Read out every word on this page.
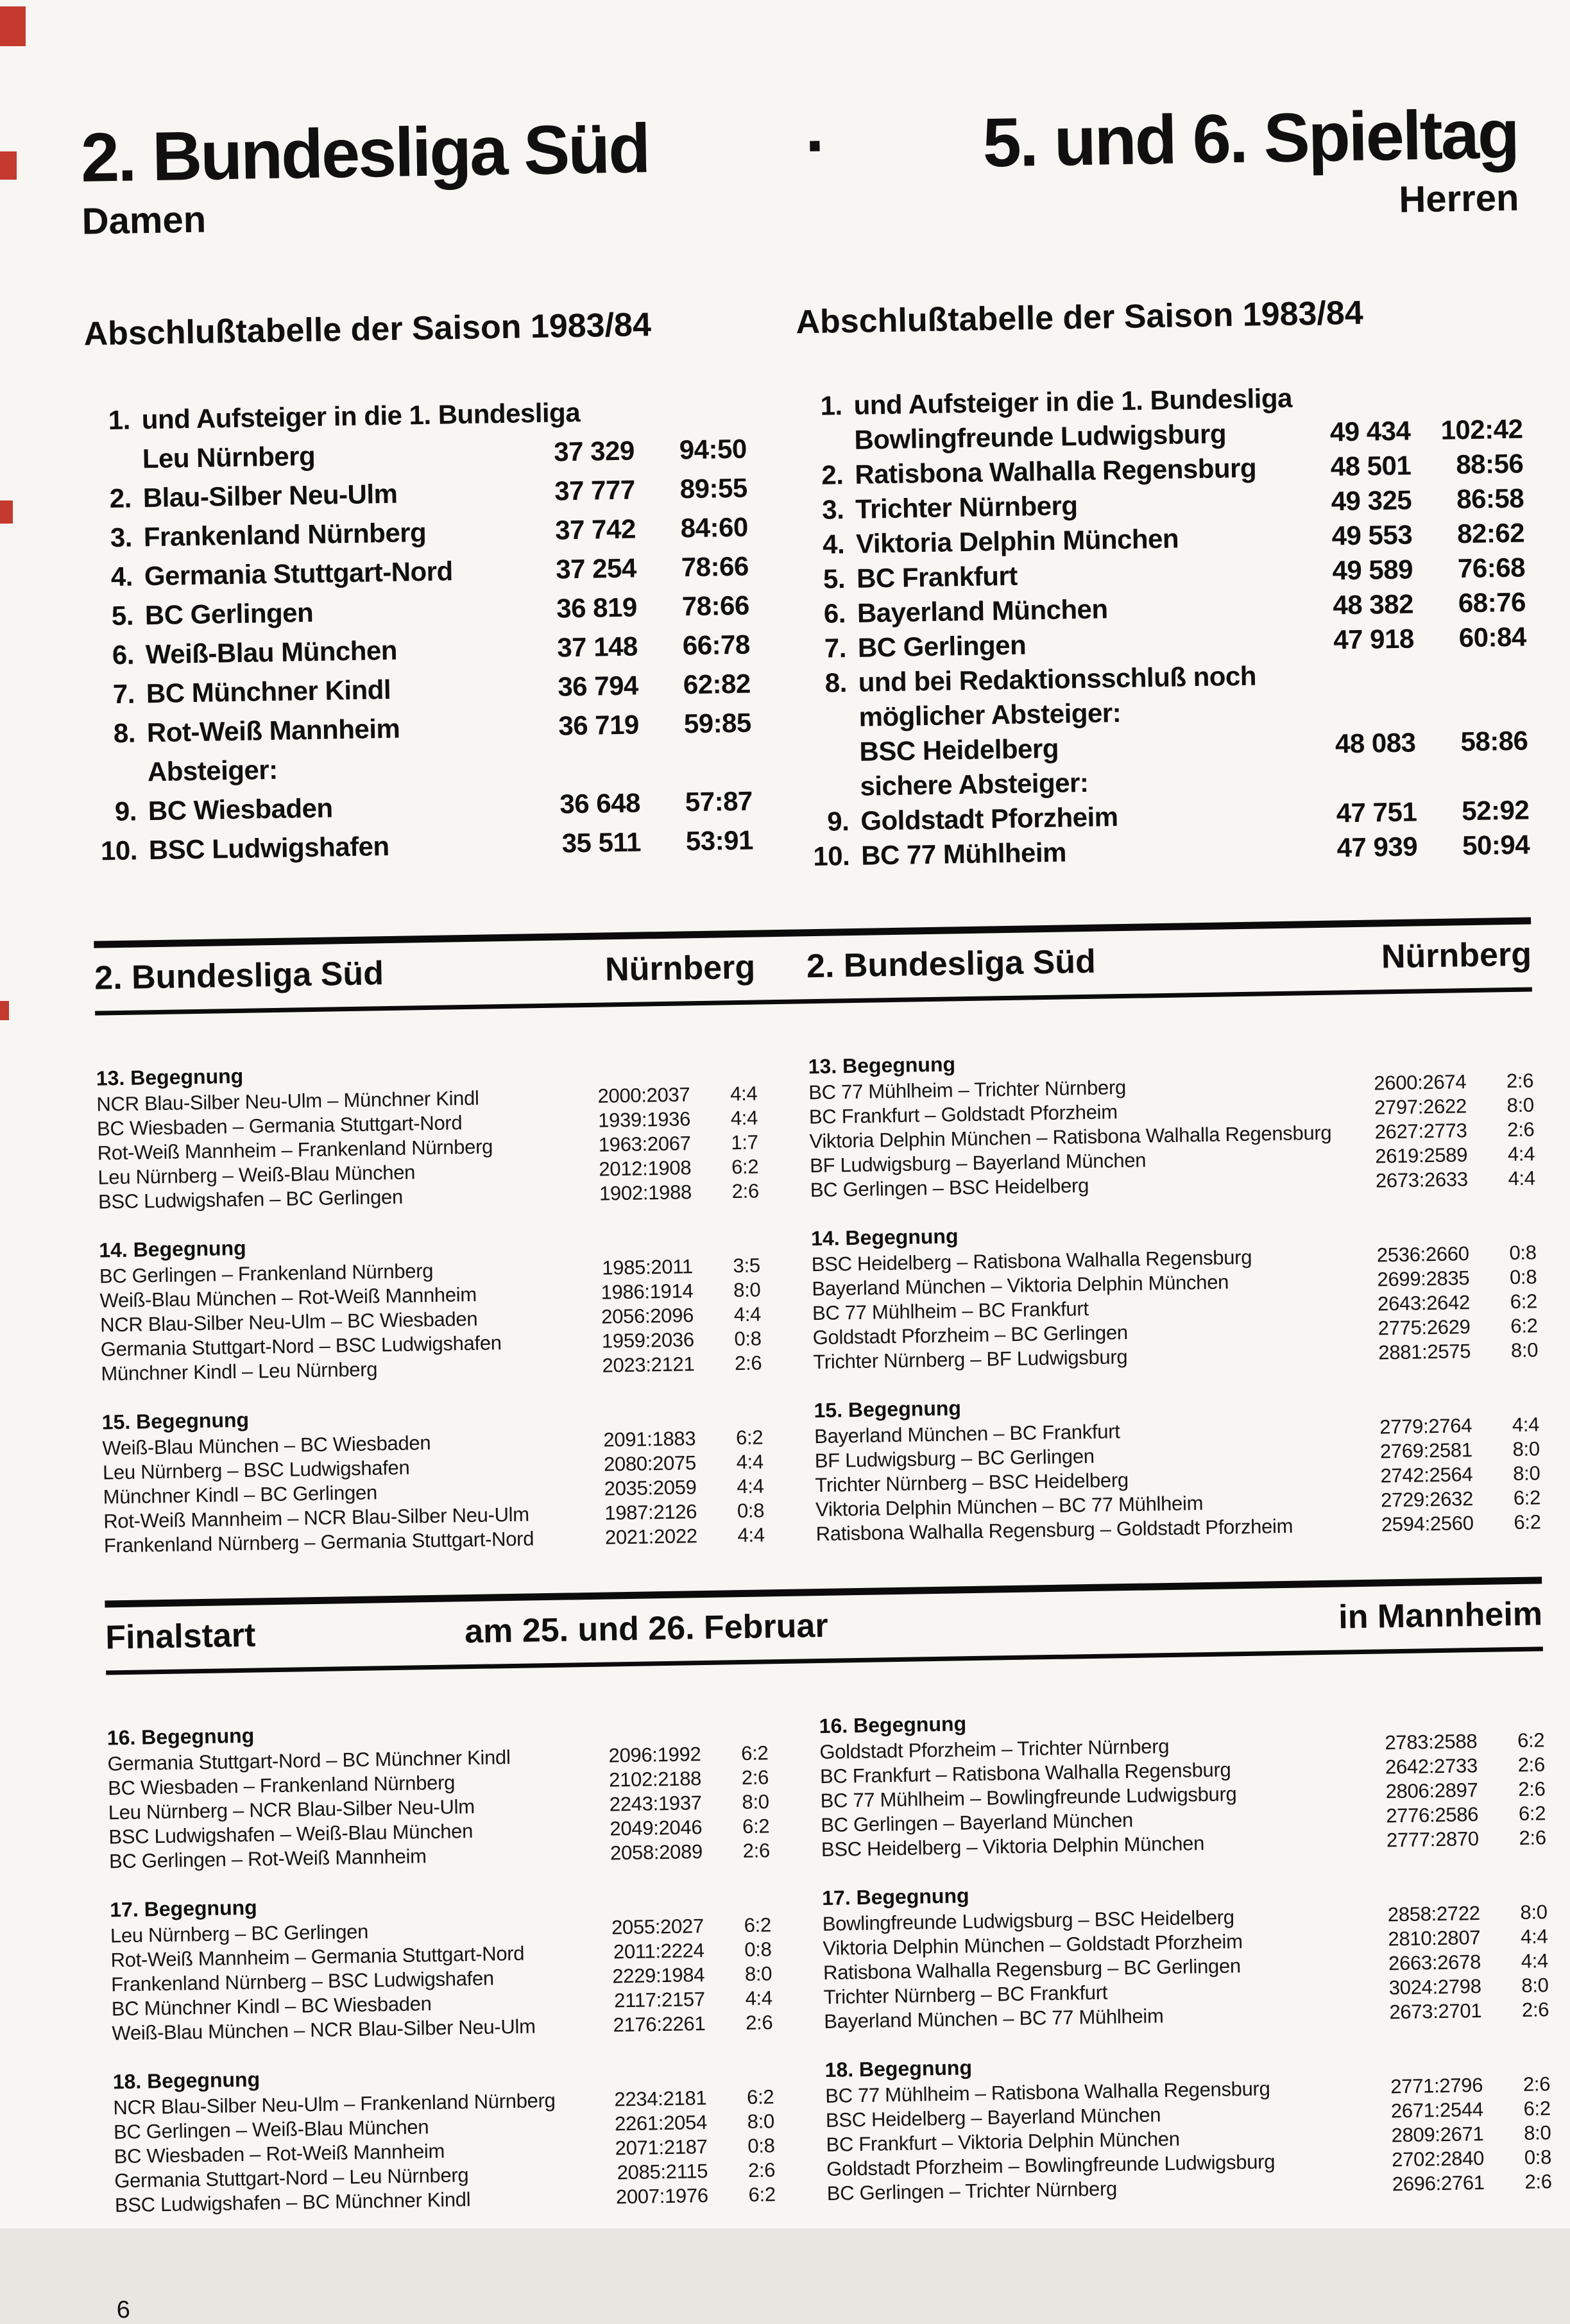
2. Bundesliga Süd · 5. und 6. Spieltag
Damen	Herren
Abschlußtabelle der Saison 1983/84
1. und Aufsteiger in die 1. Bundesliga
Leu Nürnberg	37 329	94:50
2. Blau-Silber Neu-Ulm	37 777	89:55
3. Frankenland Nürnberg	37 742	84:60
4. Germania Stuttgart-Nord	37 254	78:66
5. BC Gerlingen	36 819	78:66
6. Weiß-Blau München	37 148	66:78
7. BC Münchner Kindl	36 794	62:82
8. Rot-Weiß Mannheim	36 719	59:85
Absteiger:
9. BC Wiesbaden	36 648	57:87
10. BSC Ludwigshafen	35 511	53:91
Abschlußtabelle der Saison 1983/84
1. und Aufsteiger in die 1. Bundesliga
Bowlingfreunde Ludwigsburg	49 434	102:42
2. Ratisbona Walhalla Regensburg	48 501	88:56
3. Trichter Nürnberg	49 325	86:58
4. Viktoria Delphin München	49 553	82:62
5. BC Frankfurt	49 589	76:68
6. Bayerland München	48 382	68:76
7. BC Gerlingen	47 918	60:84
8. und bei Redaktionsschluß noch
möglicher Absteiger:
BSC Heidelberg	48 083	58:86
sichere Absteiger:
9. Goldstadt Pforzheim	47 751	52:92
10. BC 77 Mühlheim	47 939	50:94
2. Bundesliga Süd	Nürnberg 2. Bundesliga Süd	Nürnberg
13. Begegnung
NCR Blau-Silber Neu-Ulm – Münchner Kindl	2000:2037	4:4
BC Wiesbaden – Germania Stuttgart-Nord	1939:1936	4:4
Rot-Weiß Mannheim – Frankenland Nürnberg	1963:2067	1:7
Leu Nürnberg – Weiß-Blau München	2012:1908	6:2
BSC Ludwigshafen – BC Gerlingen	1902:1988	2:6
14. Begegnung
BC Gerlingen – Frankenland Nürnberg	1985:2011	3:5
Weiß-Blau München – Rot-Weiß Mannheim	1986:1914	8:0
NCR Blau-Silber Neu-Ulm – BC Wiesbaden	2056:2096	4:4
Germania Stuttgart-Nord – BSC Ludwigshafen	1959:2036	0:8
Münchner Kindl – Leu Nürnberg	2023:2121	2:6
15. Begegnung
Weiß-Blau München – BC Wiesbaden	2091:1883	6:2
Leu Nürnberg – BSC Ludwigshafen	2080:2075	4:4
Münchner Kindl – BC Gerlingen	2035:2059	4:4
Rot-Weiß Mannheim – NCR Blau-Silber Neu-Ulm	1987:2126	0:8
Frankenland Nürnberg – Germania Stuttgart-Nord	2021:2022	4:4
13. Begegnung
BC 77 Mühlheim – Trichter Nürnberg	2600:2674	2:6
BC Frankfurt – Goldstadt Pforzheim	2797:2622	8:0
Viktoria Delphin München – Ratisbona Walhalla Regensburg	2627:2773	2:6
BF Ludwigsburg – Bayerland München	2619:2589	4:4
BC Gerlingen – BSC Heidelberg	2673:2633	4:4
14. Begegnung
BSC Heidelberg – Ratisbona Walhalla Regensburg	2536:2660	0:8
Bayerland München – Viktoria Delphin München	2699:2835	0:8
BC 77 Mühlheim – BC Frankfurt	2643:2642	6:2
Goldstadt Pforzheim – BC Gerlingen	2775:2629	6:2
Trichter Nürnberg – BF Ludwigsburg	2881:2575	8:0
15. Begegnung
Bayerland München – BC Frankfurt	2779:2764	4:4
BF Ludwigsburg – BC Gerlingen	2769:2581	8:0
Trichter Nürnberg – BSC Heidelberg	2742:2564	8:0
Viktoria Delphin München – BC 77 Mühlheim	2729:2632	6:2
Ratisbona Walhalla Regensburg – Goldstadt Pforzheim	2594:2560	6:2
Finalstart	am 25. und 26. Februar	in Mannheim
16. Begegnung
Germania Stuttgart-Nord – BC Münchner Kindl	2096:1992	6:2
BC Wiesbaden – Frankenland Nürnberg	2102:2188	2:6
Leu Nürnberg – NCR Blau-Silber Neu-Ulm	2243:1937	8:0
BSC Ludwigshafen – Weiß-Blau München	2049:2046	6:2
BC Gerlingen – Rot-Weiß Mannheim	2058:2089	2:6
17. Begegnung
Leu Nürnberg – BC Gerlingen	2055:2027	6:2
Rot-Weiß Mannheim – Germania Stuttgart-Nord	2011:2224	0:8
Frankenland Nürnberg – BSC Ludwigshafen	2229:1984	8:0
BC Münchner Kindl – BC Wiesbaden	2117:2157	4:4
Weiß-Blau München – NCR Blau-Silber Neu-Ulm	2176:2261	2:6
18. Begegnung
NCR Blau-Silber Neu-Ulm – Frankenland Nürnberg	2234:2181	6:2
BC Gerlingen – Weiß-Blau München	2261:2054	8:0
BC Wiesbaden – Rot-Weiß Mannheim	2071:2187	0:8
Germania Stuttgart-Nord – Leu Nürnberg	2085:2115	2:6
BSC Ludwigshafen – BC Münchner Kindl	2007:1976	6:2
16. Begegnung
Goldstadt Pforzheim – Trichter Nürnberg	2783:2588	6:2
BC Frankfurt – Ratisbona Walhalla Regensburg	2642:2733	2:6
BC 77 Mühlheim – Bowlingfreunde Ludwigsburg	2806:2897	2:6
BC Gerlingen – Bayerland München	2776:2586	6:2
BSC Heidelberg – Viktoria Delphin München	2777:2870	2:6
17. Begegnung
Bowlingfreunde Ludwigsburg – BSC Heidelberg	2858:2722	8:0
Viktoria Delphin München – Goldstadt Pforzheim	2810:2807	4:4
Ratisbona Walhalla Regensburg – BC Gerlingen	2663:2678	4:4
Trichter Nürnberg – BC Frankfurt	3024:2798	8:0
Bayerland München – BC 77 Mühlheim	2673:2701	2:6
18. Begegnung
BC 77 Mühlheim – Ratisbona Walhalla Regensburg	2771:2796	2:6
BSC Heidelberg – Bayerland München	2671:2544	6:2
BC Frankfurt – Viktoria Delphin München	2809:2671	8:0
Goldstadt Pforzheim – Bowlingfreunde Ludwigsburg	2702:2840	0:8
BC Gerlingen – Trichter Nürnberg	2696:2761	2:6
6
